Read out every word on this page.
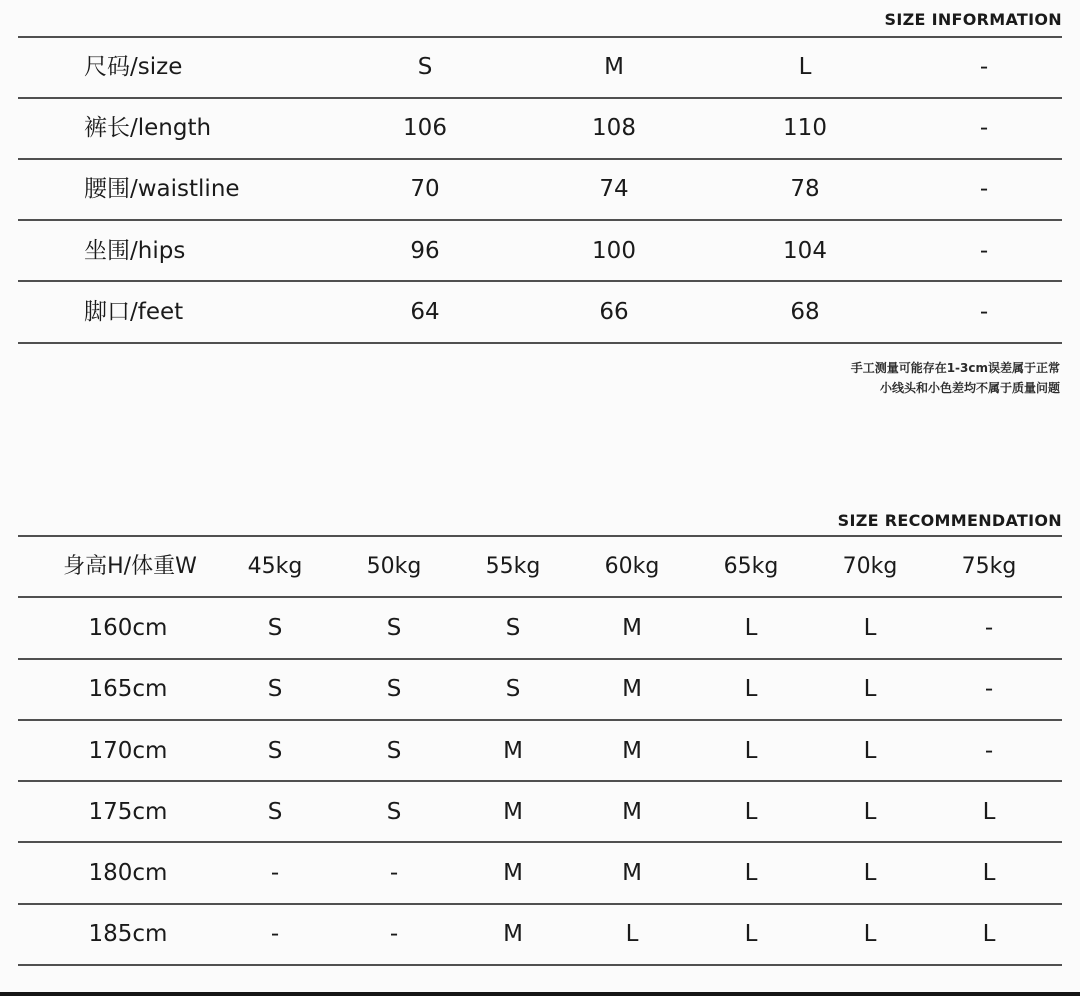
SIZE INFORMATION
尺码/size	S	M	L	-
裤长/length	106	108	110	-
腰围/waistline	70	74	78	-
坐围/hips	96	100	104	-
脚口/feet	64	66	68	-
手工测量可能存在1-3cm误差属于正常
小线头和小色差均不属于质量问题
SIZE RECOMMENDATION
身高H/体重W	45kg	50kg	55kg	60kg	65kg	70kg	75kg
160cm	S	S	S	M	L	L	-
165cm	S	S	S	M	L	L	-
170cm	S	S	M	M	L	L	-
175cm	S	S	M	M	L	L	L
180cm	-	-	M	M	L	L	L
185cm	-	-	M	L	L	L	L
